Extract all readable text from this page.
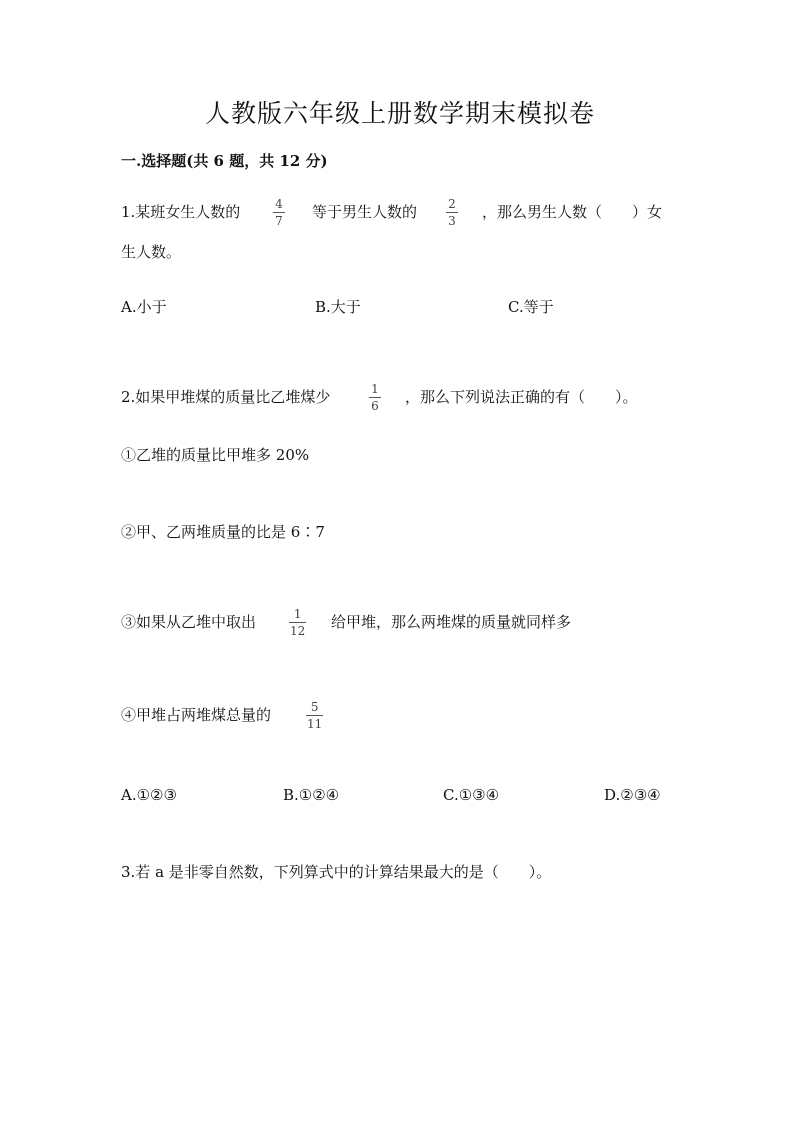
人教版六年级上册数学期末模拟卷
一.选择题(共 6 题，共 12 分)
1.某班女生人数的	4
7 等于男生人数的	2
3 ，那么男生人数（　　）女
生人数。
A.小于	B.大于	C.等于
2.如果甲堆煤的质量比乙堆煤少	1
6 ，那么下列说法正确的有（　　）。
①乙堆的质量比甲堆多 20%
②甲、乙两堆质量的比是 6∶7
③如果从乙堆中取出	1
12 给甲堆，那么两堆煤的质量就同样多
④甲堆占两堆煤总量的	5
11
A.①②③	B.①②④	C.①③④	D.②③④
3.若 a 是非零自然数，下列算式中的计算结果最大的是（　　）。
